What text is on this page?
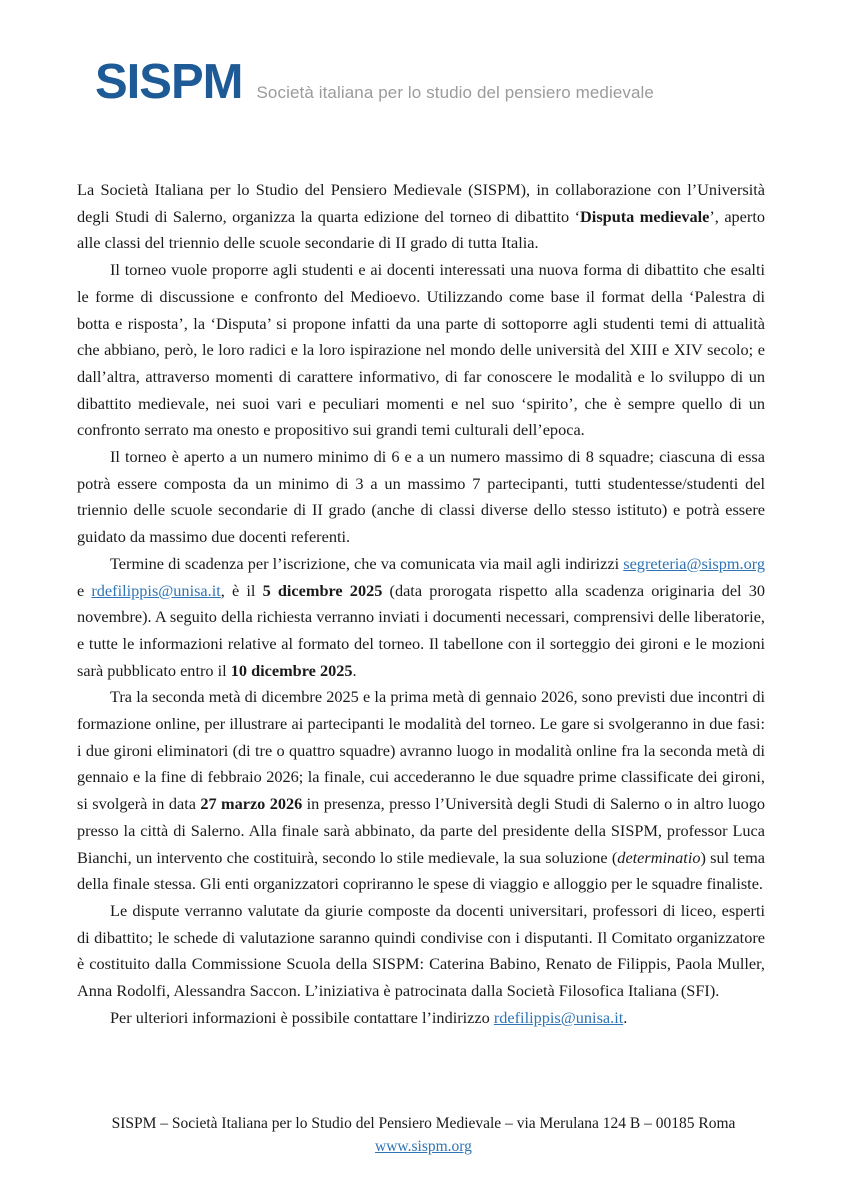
SISPM Società italiana per lo studio del pensiero medievale

La Società Italiana per lo Studio del Pensiero Medievale (SISPM), in collaborazione con l’Università degli Studi di Salerno, organizza la quarta edizione del torneo di dibattito ‘Disputa medievale’, aperto alle classi del triennio delle scuole secondarie di II grado di tutta Italia.

Il torneo vuole proporre agli studenti e ai docenti interessati una nuova forma di dibattito che esalti le forme di discussione e confronto del Medioevo. Utilizzando come base il format della ‘Palestra di botta e risposta’, la ‘Disputa’ si propone infatti da una parte di sottoporre agli studenti temi di attualità che abbiano, però, le loro radici e la loro ispirazione nel mondo delle università del XIII e XIV secolo; e dall’altra, attraverso momenti di carattere informativo, di far conoscere le modalità e lo sviluppo di un dibattito medievale, nei suoi vari e peculiari momenti e nel suo ‘spirito’, che è sempre quello di un confronto serrato ma onesto e propositivo sui grandi temi culturali dell’epoca.

Il torneo è aperto a un numero minimo di 6 e a un numero massimo di 8 squadre; ciascuna di essa potrà essere composta da un minimo di 3 a un massimo 7 partecipanti, tutti studentesse/studenti del triennio delle scuole secondarie di II grado (anche di classi diverse dello stesso istituto) e potrà essere guidato da massimo due docenti referenti.

Termine di scadenza per l’iscrizione, che va comunicata via mail agli indirizzi segreteria@sispm.org e rdefilippis@unisa.it, è il 5 dicembre 2025 (data prorogata rispetto alla scadenza originaria del 30 novembre). A seguito della richiesta verranno inviati i documenti necessari, comprensivi delle liberatorie, e tutte le informazioni relative al formato del torneo. Il tabellone con il sorteggio dei gironi e le mozioni sarà pubblicato entro il 10 dicembre 2025.

Tra la seconda metà di dicembre 2025 e la prima metà di gennaio 2026, sono previsti due incontri di formazione online, per illustrare ai partecipanti le modalità del torneo. Le gare si svolgeranno in due fasi: i due gironi eliminatori (di tre o quattro squadre) avranno luogo in modalità online fra la seconda metà di gennaio e la fine di febbraio 2026; la finale, cui accederanno le due squadre prime classificate dei gironi, si svolgerà in data 27 marzo 2026 in presenza, presso l’Università degli Studi di Salerno o in altro luogo presso la città di Salerno. Alla finale sarà abbinato, da parte del presidente della SISPM, professor Luca Bianchi, un intervento che costituirà, secondo lo stile medievale, la sua soluzione (determinatio) sul tema della finale stessa. Gli enti organizzatori copriranno le spese di viaggio e alloggio per le squadre finaliste.

Le dispute verranno valutate da giurie composte da docenti universitari, professori di liceo, esperti di dibattito; le schede di valutazione saranno quindi condivise con i disputanti. Il Comitato organizzatore è costituito dalla Commissione Scuola della SISPM: Caterina Babino, Renato de Filippis, Paola Muller, Anna Rodolfi, Alessandra Saccon. L’iniziativa è patrocinata dalla Società Filosofica Italiana (SFI).

Per ulteriori informazioni è possibile contattare l’indirizzo rdefilippis@unisa.it.

SISPM – Società Italiana per lo Studio del Pensiero Medievale – via Merulana 124 B – 00185 Roma
www.sispm.org
